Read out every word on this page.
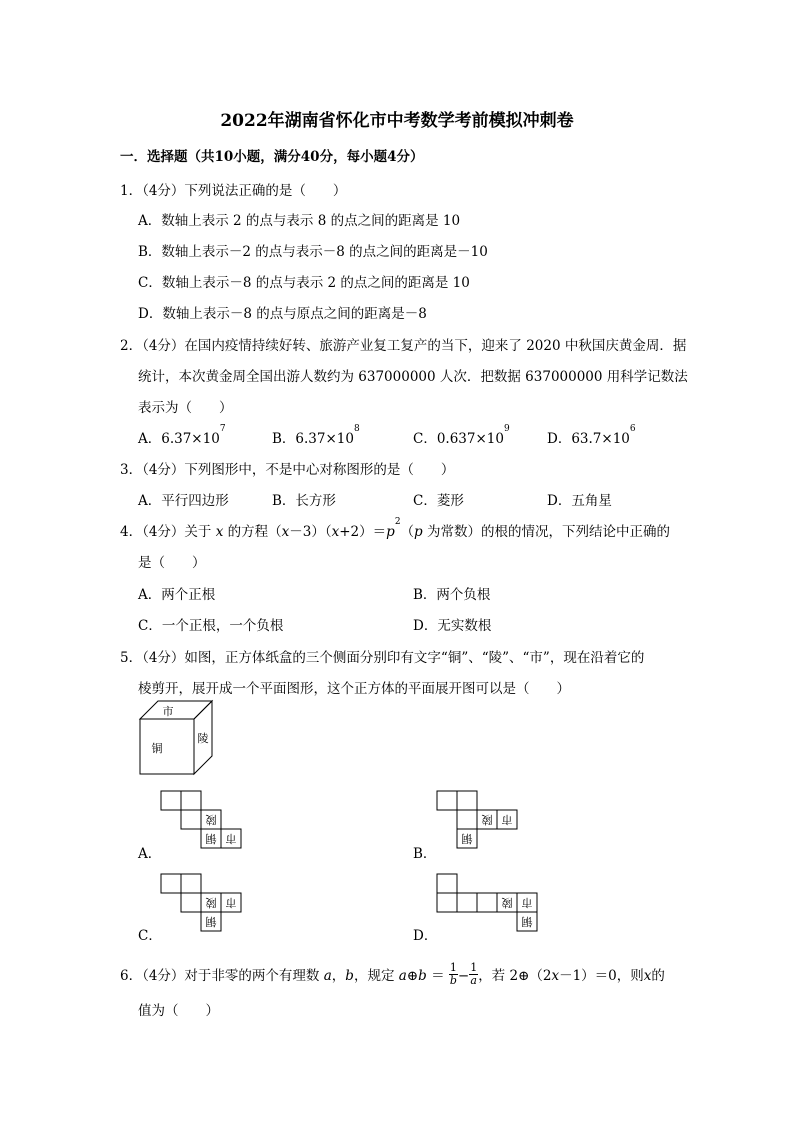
2022年湖南省怀化市中考数学考前模拟冲刺卷
一．选择题（共10小题，满分40分，每小题4分）
1．（4分）下列说法正确的是（　　）
A．数轴上表示 2 的点与表示 8 的点之间的距离是 10
B．数轴上表示－2 的点与表示－8 的点之间的距离是－10
C．数轴上表示－8 的点与表示 2 的点之间的距离是 10
D．数轴上表示－8 的点与原点之间的距离是－8
2．（4分）在国内疫情持续好转、旅游产业复工复产的当下，迎来了 2020 中秋国庆黄金周．据
统计，本次黄金周全国出游人数约为 637000000 人次．把数据 637000000 用科学记数法
表示为（　　）
A．$6.37\times 10^7$
B．$6.37\times 10^8$
C．$0.637\times 10^9$
D．$63.7\times 10^6$
3．（4分）下列图形中，不是中心对称图形的是（　　）
A．平行四边形	B．长方形	C．菱形	D．五角星
4．（4分）关于 x 的方程$(x-3)(x+2)=p^2(p$ 为常数）的根的情况，下列结论中正确的
是（　　）
A．两个正根	B．两个负根
C．一个正根，一个负根	D．无实数根
5．（4分）如图，正方体纸盒的三个侧面分别印有文字“铜”、“陵”、“市”，现在沿着它的
棱剪开，展开成一个平面图形，这个正方体的平面展开图可以是（　　）
市
铜
陵
陵
铜 市
A．
陵 市
铜
B．
陵 市
铜
C．
陵 市
铜
D．
6．（4分）对于非零的两个有理数 a，b，规定 a⊕b ＝ $\frac{1}{b} - \frac{1}{a}$ ，若 2⊕（2x－1）＝0，则x的
值为（　　）
